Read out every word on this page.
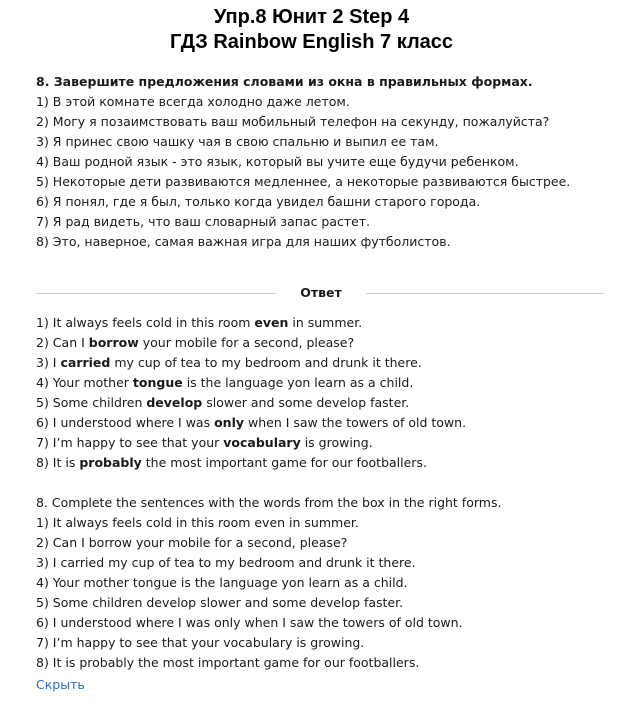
Упр.8 Юнит 2 Step 4
ГДЗ Rainbow English 7 класс
8. Завершите предложения словами из окна в правильных формах.
1) В этой комнате всегда холодно даже летом.
2) Могу я позаимствовать ваш мобильный телефон на секунду, пожалуйста?
3) Я принес свою чашку чая в свою спальню и выпил ее там.
4) Ваш родной язык - это язык, который вы учите еще будучи ребенком.
5) Некоторые дети развиваются медленнее, а некоторые развиваются быстрее.
6) Я понял, где я был, только когда увидел башни старого города.
7) Я рад видеть, что ваш словарный запас растет.
8) Это, наверное, самая важная игра для наших футболистов.
Ответ
1) It always feels cold in this room even in summer.
2) Can I borrow your mobile for a second, please?
3) I carried my cup of tea to my bedroom and drunk it there.
4) Your mother tongue is the language yon learn as a child.
5) Some children develop slower and some develop faster.
6) I understood where I was only when I saw the towers of old town.
7) I’m happy to see that your vocabulary is growing.
8) It is probably the most important game for our footballers.
8. Complete the sentences with the words from the box in the right forms.
1) It always feels cold in this room even in summer.
2) Can I borrow your mobile for a second, please?
3) I carried my cup of tea to my bedroom and drunk it there.
4) Your mother tongue is the language yon learn as a child.
5) Some children develop slower and some develop faster.
6) I understood where I was only when I saw the towers of old town.
7) I’m happy to see that your vocabulary is growing.
8) It is probably the most important game for our footballers.
Скрыть
